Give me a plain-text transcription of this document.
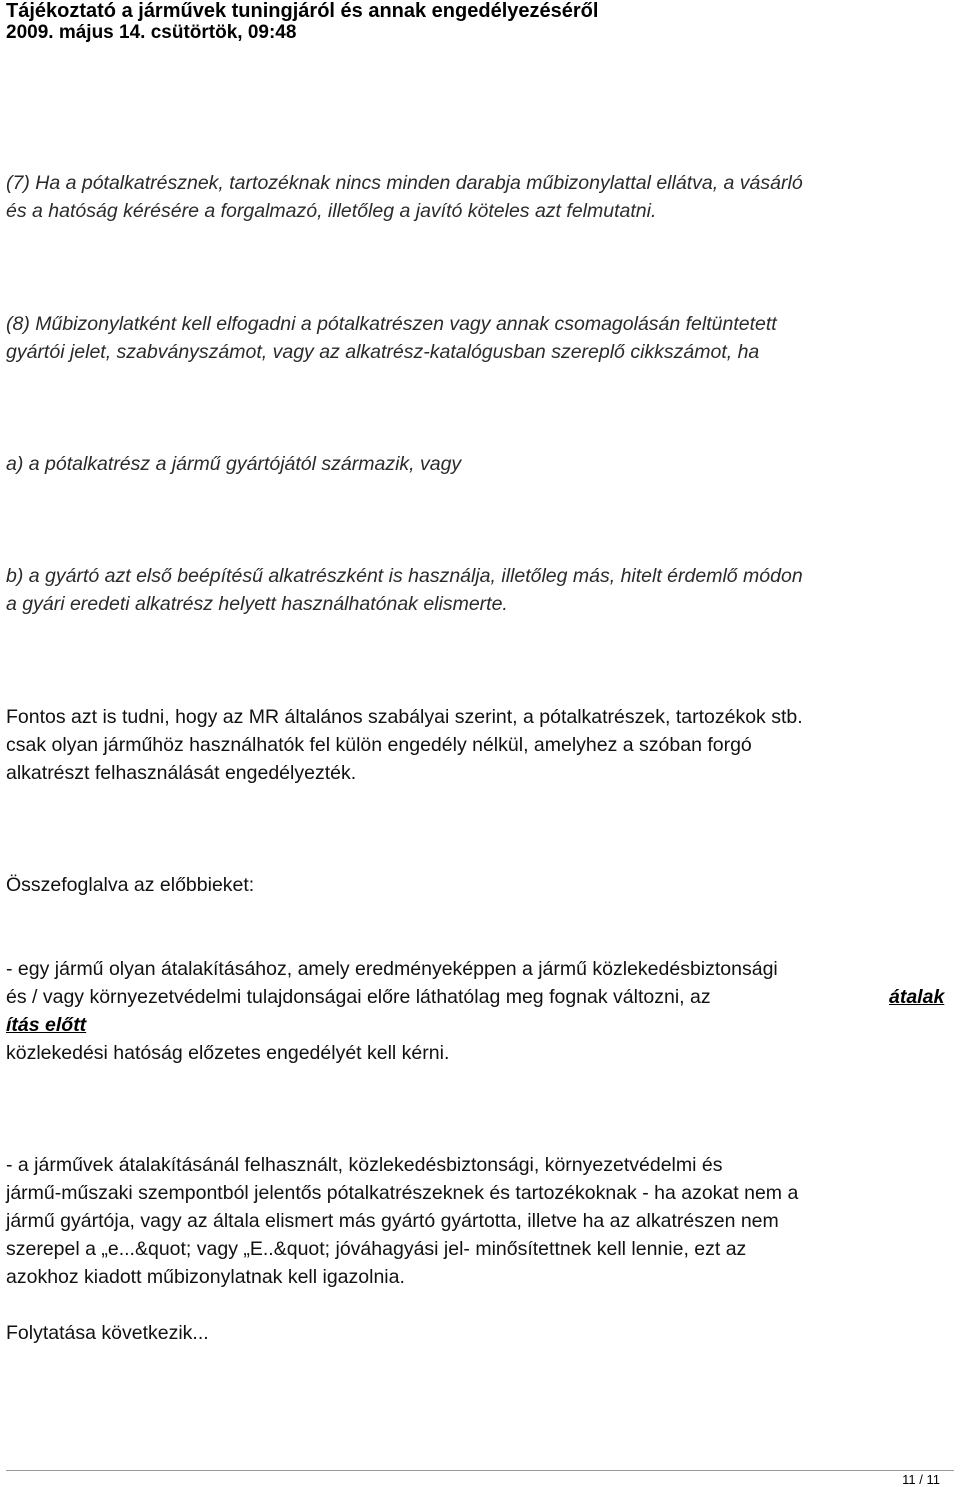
Tájékoztató a járművek tuningjáról és annak engedélyezéséről
2009. május 14. csütörtök, 09:48
(7) Ha a pótalkatrésznek, tartozéknak nincs minden darabja műbizonylattal ellátva, a vásárló
és a hatóság kérésére a forgalmazó, illetőleg a javító köteles azt felmutatni.
(8) Műbizonylatként kell elfogadni a pótalkatrészen vagy annak csomagolásán feltüntetett
gyártói jelet, szabványszámot, vagy az alkatrész-katalógusban szereplő cikkszámot, ha
a) a pótalkatrész a jármű gyártójától származik, vagy
b) a gyártó azt első beépítésű alkatrészként is használja, illetőleg más, hitelt érdemlő módon
a gyári eredeti alkatrész helyett használhatónak elismerte.
Fontos azt is tudni, hogy az MR általános szabályai szerint, a pótalkatrészek, tartozékok stb.
csak olyan járműhöz használhatók fel külön engedély nélkül, amelyhez a szóban forgó
alkatrészt felhasználását engedélyezték.
Összefoglalva az előbbieket:
- egy jármű olyan átalakításához, amely eredményeképpen a jármű közlekedésbiztonsági
és / vagy környezetvédelmi tulajdonságai előre láthatólag meg fognak változni, az	átalak
ítás előtt
közlekedési hatóság előzetes engedélyét kell kérni.
- a járművek átalakításánál felhasznált, közlekedésbiztonsági, környezetvédelmi és
jármű-műszaki szempontból jelentős pótalkatrészeknek és tartozékoknak - ha azokat nem a
jármű gyártója, vagy az általa elismert más gyártó gyártotta, illetve ha az alkatrészen nem
szerepel a „e...&quot; vagy „E..&quot; jóváhagyási jel- minősítettnek kell lennie, ezt az
azokhoz kiadott műbizonylatnak kell igazolnia.
Folytatása következik...
11 / 11
